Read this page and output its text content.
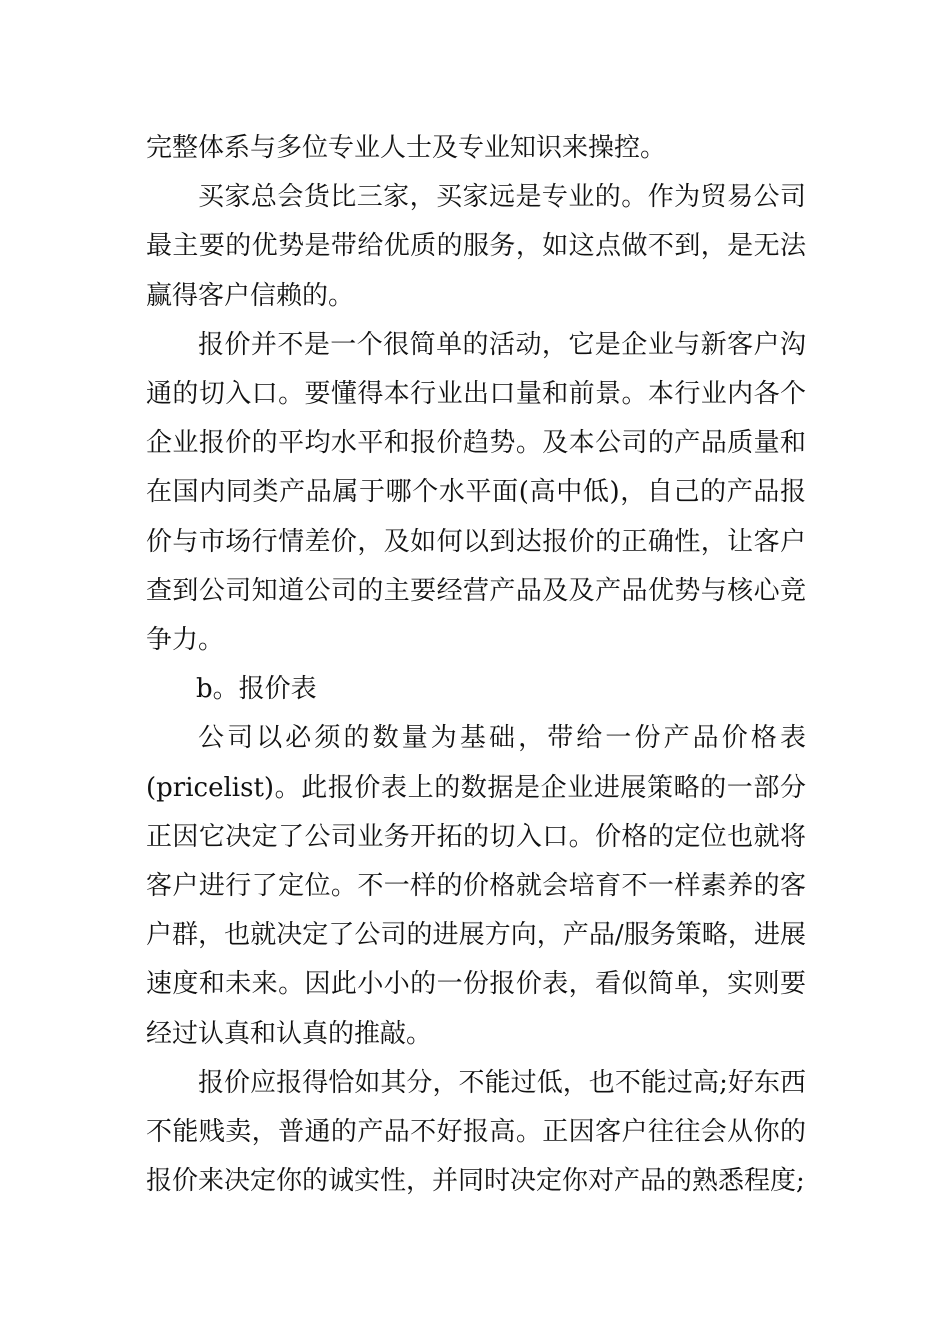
完整体系与多位专业人士及专业知识来操控。

买家总会货比三家，买家远是专业的。作为贸易公司最主要的优势是带给优质的服务，如这点做不到，是无法赢得客户信赖的。

报价并不是一个很简单的活动，它是企业与新客户沟通的切入口。要懂得本行业出口量和前景。本行业内各个企业报价的平均水平和报价趋势。及本公司的产品质量和在国内同类产品属于哪个水平面(高中低)，自己的产品报价与市场行情差价，及如何以到达报价的正确性，让客户查到公司知道公司的主要经营产品及及产品优势与核心竞争力。

b。报价表

公司以必须的数量为基础，带给一份产品价格表(pricelist)。此报价表上的数据是企业进展策略的一部分正因它决定了公司业务开拓的切入口。价格的定位也就将客户进行了定位。不一样的价格就会培育不一样素养的客户群，也就决定了公司的进展方向，产品/服务策略，进展速度和未来。因此小小的一份报价表，看似简单，实则要经过认真和认真的推敲。

报价应报得恰如其分，不能过低，也不能过高;好东西不能贱卖，普通的产品不好报高。正因客户往往会从你的报价来决定你的诚实性，并同时决定你对产品的熟悉程度;
